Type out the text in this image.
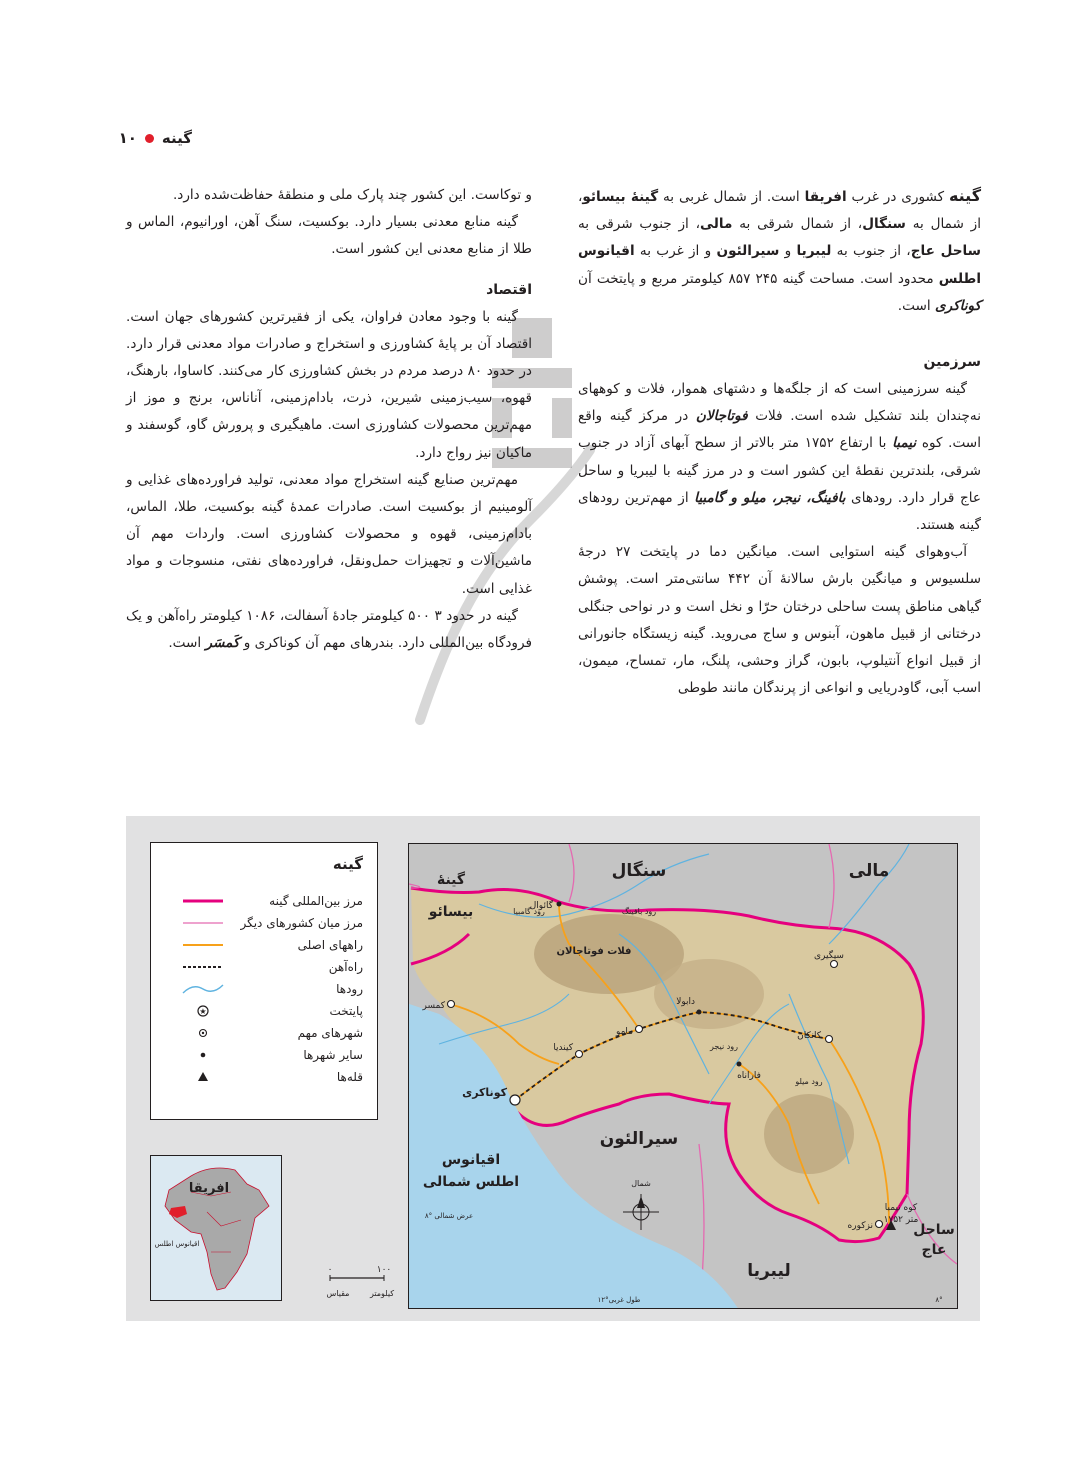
گینه
۱۰

گینه کشوری در غرب افریقا است. از شمال غربی به گینهٔ بیسائو، از شمال به سنگال، از شمال شرقی به مالی، از جنوب شرقی به ساحل عاج، از جنوب به لیبریا و سیرالئون و از غرب به اقیانوس اطلس محدود است. مساحت گینه ۲۴۵ ۸۵۷ کیلومتر مربع و پایتخت آن کوناکری است.

سرزمین

گینه سرزمینی است که از جلگه‌ها و دشتهای هموار، فلات و کوههای نه‌چندان بلند تشکیل شده است. فلات فوتاجالان در مرکز گینه واقع است. کوه نیمبا با ارتفاع ۱۷۵۲ متر بالاتر از سطح آبهای آزاد در جنوب شرقی، بلندترین نقطهٔ این کشور است و در مرز گینه با لیبریا و ساحل عاج قرار دارد. رودهای بافینگ، نیجر، میلو و گامبیا از مهم‌ترین رودهای گینه هستند.

آب‌وهوای گینه استوایی است. میانگین دما در پایتخت ۲۷ درجهٔ سلسیوس و میانگین بارش سالانهٔ آن ۴۴۲ سانتی‌متر است. پوشش گیاهی مناطق پست ساحلی درختان حرّا و نخل است و در نواحی جنگلی درختانی از قبیل ماهون، آبنوس و ساج می‌روید. گینه زیستگاه جانورانی از قبیل انواع آنتیلوپ، بابون، گراز وحشی، پلنگ، مار، تمساح، میمون، اسب آبی، گاودریایی و انواعی از پرندگان مانند طوطی

و توکاست. این کشور چند پارک ملی و منطقهٔ حفاظت‌شده دارد.

گینه منابع معدنی بسیار دارد. بوکسیت، سنگ آهن، اورانیوم، الماس و طلا از منابع معدنی این کشور است.

اقتصاد

گینه با وجود معادن فراوان، یکی از فقیرترین کشورهای جهان است. اقتصاد آن بر پایهٔ کشاورزی و استخراج و صادرات مواد معدنی قرار دارد. در حدود ۸۰ درصد مردم در بخش کشاورزی کار می‌کنند. کاساوا، بارهنگ، قهوه، سیب‌زمینی شیرین، ذرت، بادام‌زمینی، آناناس، برنج و موز از مهم‌ترین محصولات کشاورزی است. ماهیگیری و پرورش گاو، گوسفند و ماکیان نیز رواج دارد.

مهم‌ترین صنایع گینه استخراج مواد معدنی، تولید فراورده‌های غذایی و آلومینیم از بوکسیت است. صادرات عمدهٔ گینه بوکسیت، طلا، الماس، بادام‌زمینی، قهوه و محصولات کشاورزی است. واردات مهم آن ماشین‌آلات و تجهیزات حمل‌ونقل، فراورده‌های نفتی، منسوجات و مواد غذایی است.

گینه در حدود ۳ ۵۰۰ کیلومتر جادهٔ آسفالت، ۱۰۸۶ کیلومتر راه‌آهن و یک فرودگاه بین‌المللی دارد. بندرهای مهم آن کوناکری و کَمسَر است.

گینه
مرز بین‌المللی گینه
مرز میان کشورهای دیگر
راههای اصلی
راه‌آهن
رودها
پایتخت
★
شهرهای مهم
سایر شهرها
قله‌ها
افریقا
اقیانوس اطلس
۰	۱۰۰
کیلومتر
مقیاس
سنگال	مالی
گینهٔ
بیسائو
سیرالئون
لیبریا
ساحل
عاج
اقیانوس
اطلس شمالی
کوناکری
کیندیا
مامو
دابولا
کانکان
سیگیری
گائوال
کمسر
فاراناه
نزکوره
فلات فوتاجالان
کوه نیمبا
۱۷۵۲ متر
رود گامبیا	رود بافینگ
رود نیجر
رود میلو
شمال
۸° عرض شمالی
۱۲°طول غربی	۸°
